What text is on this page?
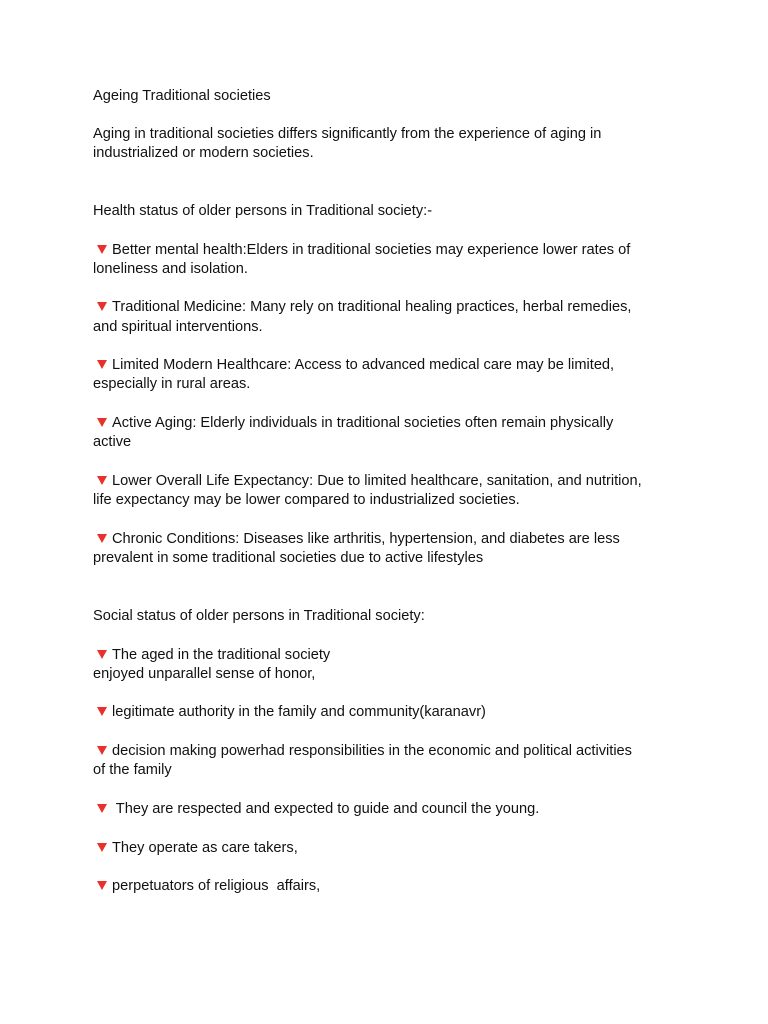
Ageing Traditional societies
Aging in traditional societies differs significantly from the experience of aging in
industrialized or modern societies.
Health status of older persons in Traditional society:-
Better mental health:Elders in traditional societies may experience lower rates of
loneliness and isolation.
Traditional Medicine: Many rely on traditional healing practices, herbal remedies,
and spiritual interventions.
Limited Modern Healthcare: Access to advanced medical care may be limited,
especially in rural areas.
Active Aging: Elderly individuals in traditional societies often remain physically
active
Lower Overall Life Expectancy: Due to limited healthcare, sanitation, and nutrition,
life expectancy may be lower compared to industrialized societies.
Chronic Conditions: Diseases like arthritis, hypertension, and diabetes are less
prevalent in some traditional societies due to active lifestyles
Social status of older persons in Traditional society:
The aged in the traditional society
enjoyed unparallel sense of honor,
legitimate authority in the family and community(karanavr)
decision making powerhad responsibilities in the economic and political activities
of the family
They are respected and expected to guide and council the young.
They operate as care takers,
perpetuators of religious  affairs,
